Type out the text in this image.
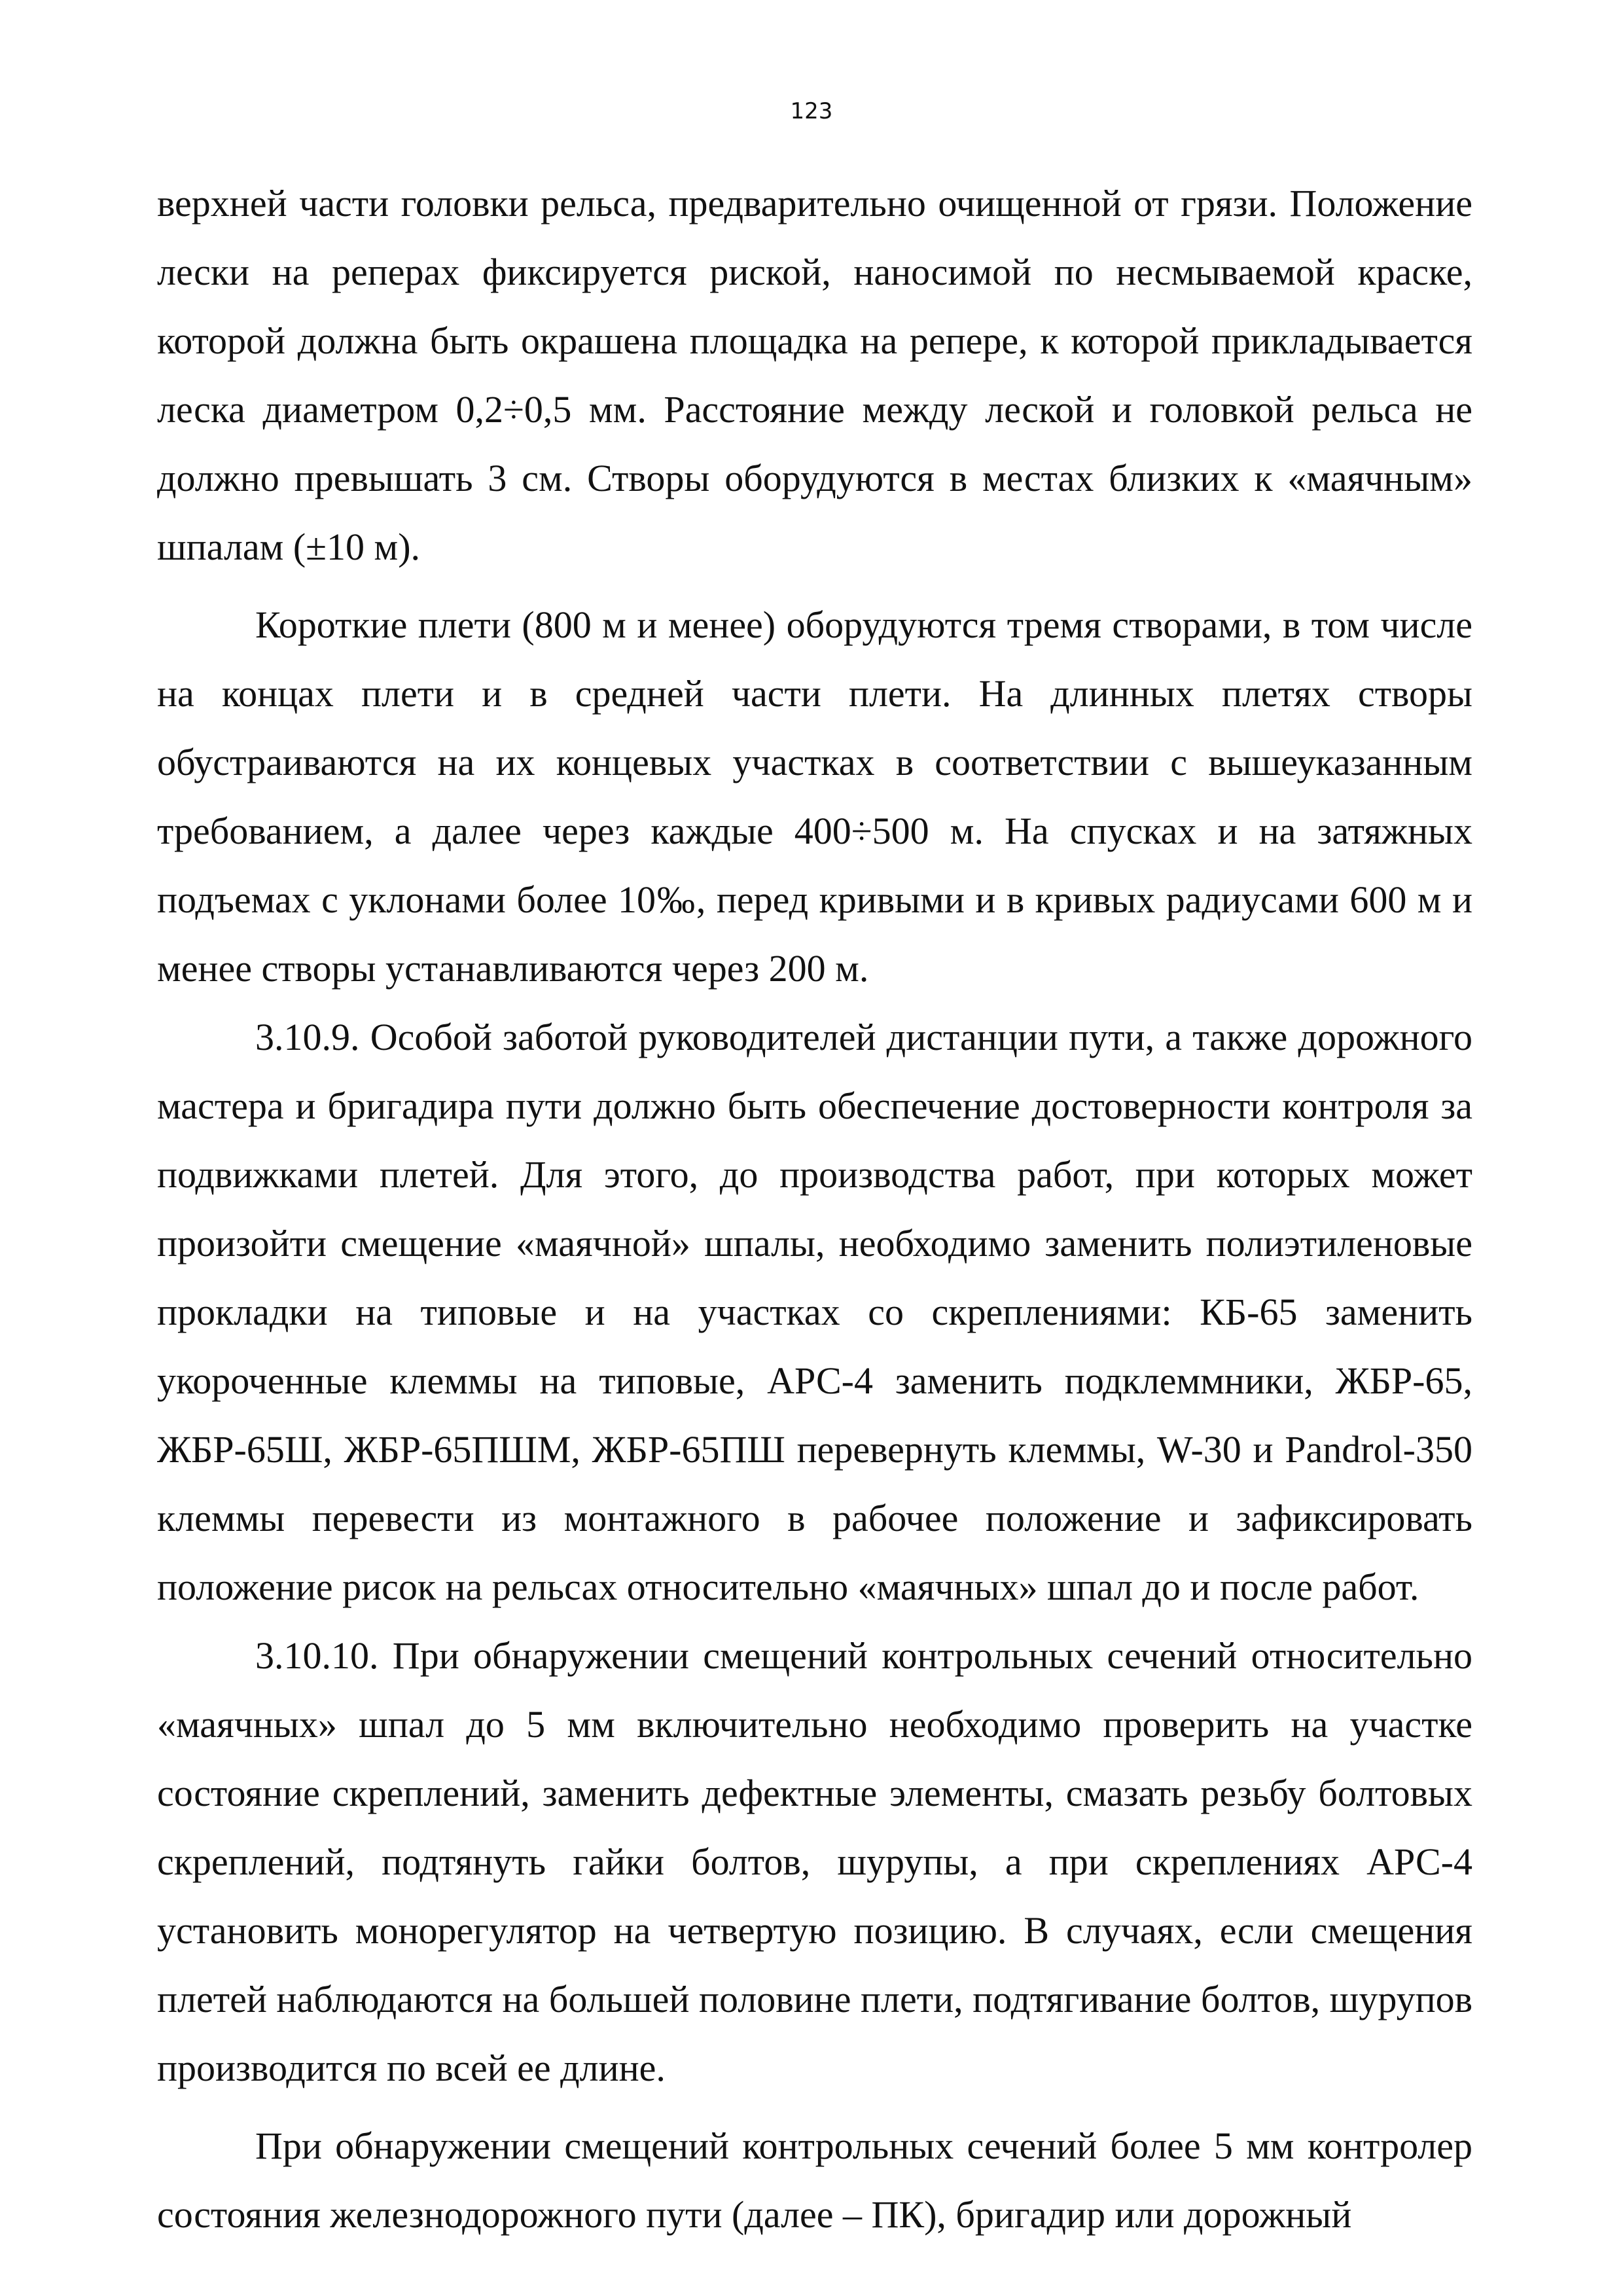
123

верхней части головки рельса, предварительно очищенной от грязи. Положение лески на реперах фиксируется риской, наносимой по несмываемой краске, которой должна быть окрашена площадка на репере, к которой прикладывается леска диаметром 0,2÷0,5 мм. Расстояние между леской и головкой рельса не должно превышать 3 см. Створы оборудуются в местах близких к «маячным» шпалам (±10 м).

Короткие плети (800 м и менее) оборудуются тремя створами, в том числе на концах плети и в средней части плети. На длинных плетях створы обустраиваются на их концевых участках в соответствии с вышеуказанным требованием, а далее через каждые 400÷500 м. На спусках и на затяжных подъемах с уклонами более 10‰, перед кривыми и в кривых радиусами 600 м и менее створы устанавливаются через 200 м.

3.10.9. Особой заботой руководителей дистанции пути, а также дорожного мастера и бригадира пути должно быть обеспечение достоверности контроля за подвижками плетей. Для этого, до производства работ, при которых может произойти смещение «маячной» шпалы, необходимо заменить полиэтиленовые прокладки на типовые и на участках со скреплениями: КБ-65 заменить укороченные клеммы на типовые, АРС-4 заменить подклеммники, ЖБР-65, ЖБР-65Ш, ЖБР-65ПШМ, ЖБР-65ПШ перевернуть клеммы, W-30 и Pandrol-350 клеммы перевести из монтажного в рабочее положение и зафиксировать положение рисок на рельсах относительно «маячных» шпал до и после работ.

3.10.10. При обнаружении смещений контрольных сечений относительно «маячных» шпал до 5 мм включительно необходимо проверить на участке состояние скреплений, заменить дефектные элементы, смазать резьбу болтовых скреплений, подтянуть гайки болтов, шурупы, а при скреплениях АРС-4 установить монорегулятор на четвертую позицию. В случаях, если смещения плетей наблюдаются на большей половине плети, подтягивание болтов, шурупов производится по всей ее длине.

При обнаружении смещений контрольных сечений более 5 мм контролер состояния железнодорожного пути (далее – ПК), бригадир или дорожный
